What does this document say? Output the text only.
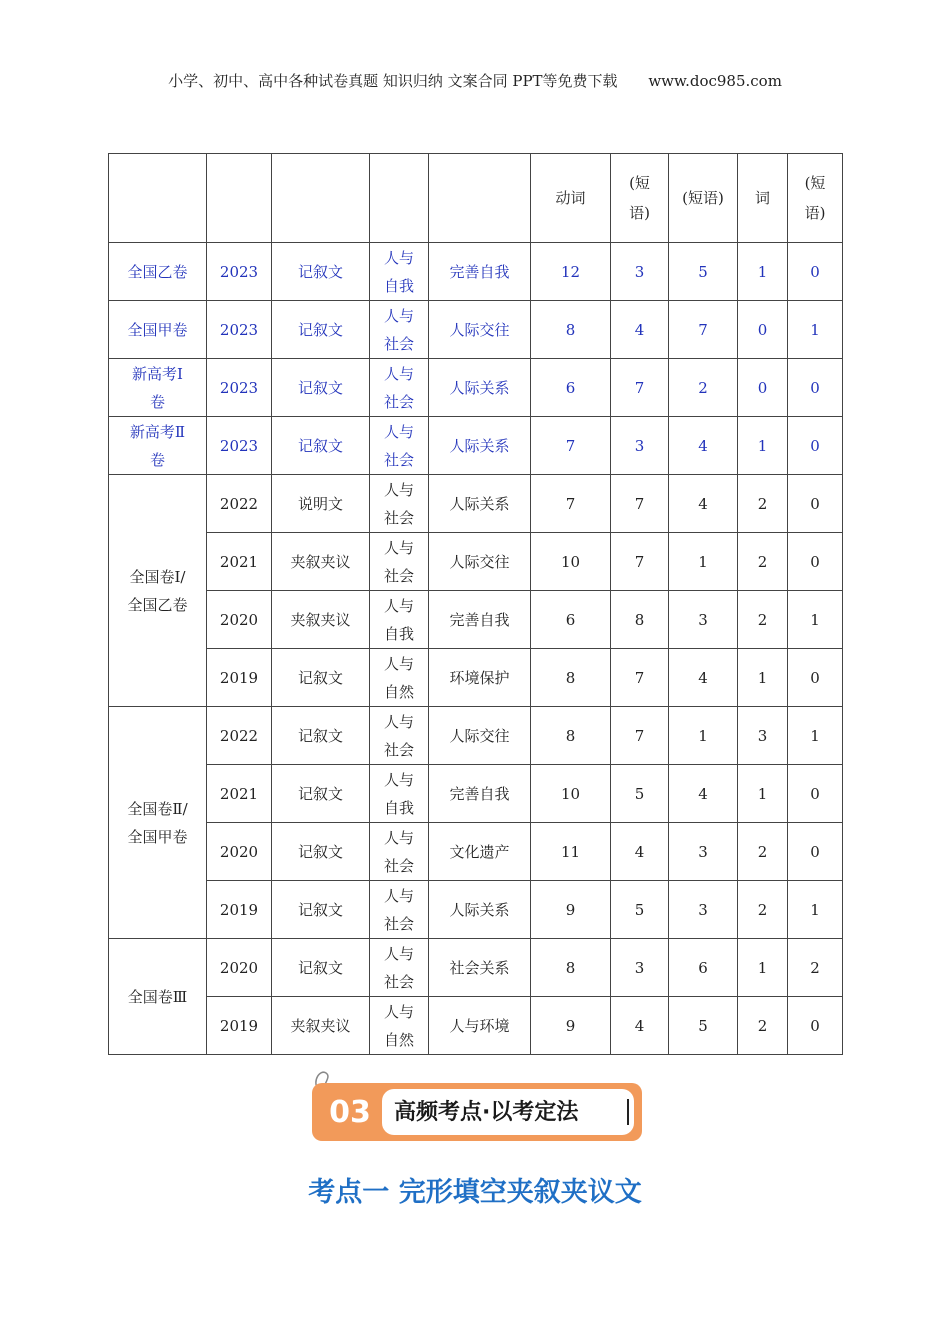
小学、初中、高中各种试卷真题 知识归纳 文案合同 PPT等免费下载 www.doc985.com
					动词	(短
语)	(短语)	词	(短
语)
全国乙卷	2023	记叙文	人与
自我	完善自我	12	3	5	1	0
全国甲卷	2023	记叙文	人与
社会	人际交往	8	4	7	0	1
新高考Ⅰ
卷	2023	记叙文	人与
社会	人际关系	6	7	2	0	0
新高考Ⅱ
卷	2023	记叙文	人与
社会	人际关系	7	3	4	1	0
全国卷Ⅰ/
全国乙卷	2022	说明文	人与
社会	人际关系	7	7	4	2	0
	2021	夹叙夹议	人与
社会	人际交往	10	7	1	2	0
	2020	夹叙夹议	人与
自我	完善自我	6	8	3	2	1
	2019	记叙文	人与
自然	环境保护	8	7	4	1	0
全国卷Ⅱ/
全国甲卷	2022	记叙文	人与
社会	人际交往	8	7	1	3	1
	2021	记叙文	人与
自我	完善自我	10	5	4	1	0
	2020	记叙文	人与
社会	文化遗产	11	4	3	2	0
	2019	记叙文	人与
社会	人际关系	9	5	3	2	1
全国卷Ⅲ	2020	记叙文	人与
社会	社会关系	8	3	6	1	2
	2019	夹叙夹议	人与
自然	人与环境	9	4	5	2	0
03	高频考点·以考定法
考点一 完形填空夹叙夹议文
